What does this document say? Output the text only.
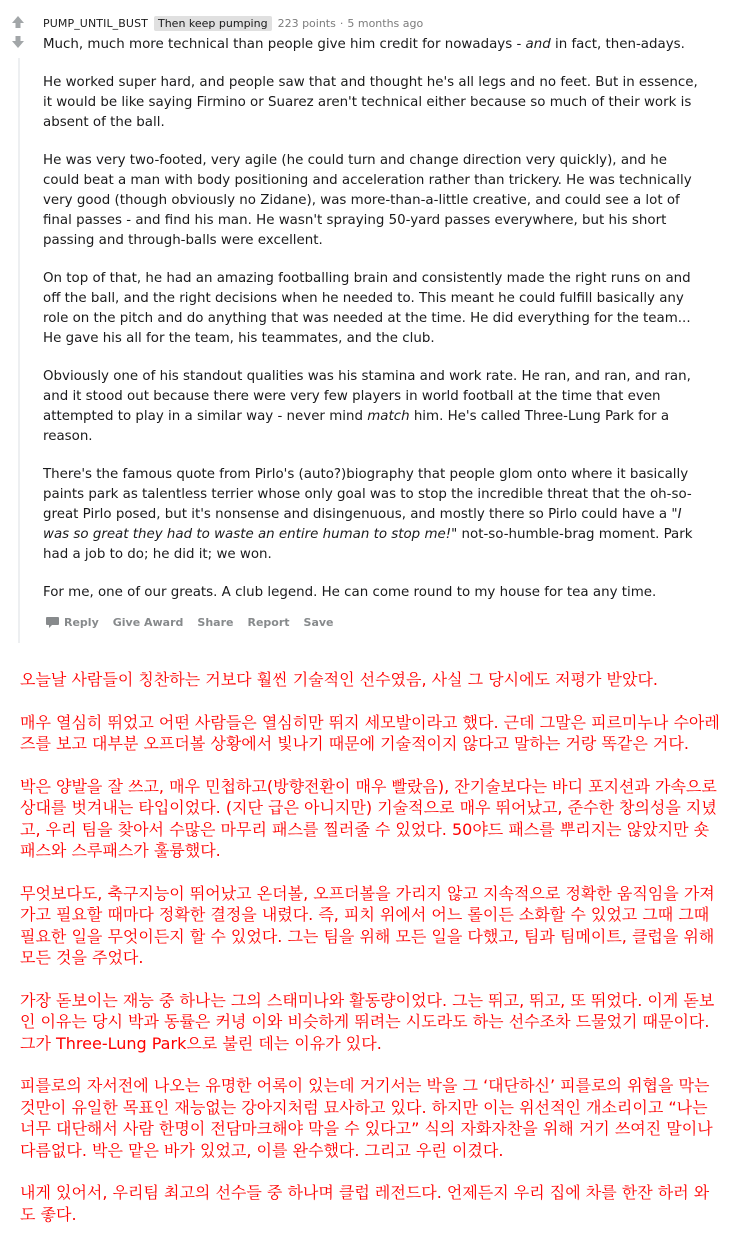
PUMP_UNTIL_BUST Then keep pumping 223 points · 5 months ago

Much, much more technical than people give him credit for nowadays - and in fact, then-adays.

He worked super hard, and people saw that and thought he's all legs and no feet. But in essence, it would be like saying Firmino or Suarez aren't technical either because so much of their work is absent of the ball.

He was very two-footed, very agile (he could turn and change direction very quickly), and he could beat a man with body positioning and acceleration rather than trickery. He was technically very good (though obviously no Zidane), was more-than-a-little creative, and could see a lot of final passes - and find his man. He wasn't spraying 50-yard passes everywhere, but his short passing and through-balls were excellent.

On top of that, he had an amazing footballing brain and consistently made the right runs on and off the ball, and the right decisions when he needed to. This meant he could fulfill basically any role on the pitch and do anything that was needed at the time. He did everything for the team... He gave his all for the team, his teammates, and the club.

Obviously one of his standout qualities was his stamina and work rate. He ran, and ran, and ran, and it stood out because there were very few players in world football at the time that even attempted to play in a similar way - never mind match him. He's called Three-Lung Park for a reason.

There's the famous quote from Pirlo's (auto?)biography that people glom onto where it basically paints park as talentless terrier whose only goal was to stop the incredible threat that the oh-so-great Pirlo posed, but it's nonsense and disingenuous, and mostly there so Pirlo could have a "I was so great they had to waste an entire human to stop me!" not-so-humble-brag moment. Park had a job to do; he did it; we won.

For me, one of our greats. A club legend. He can come round to my house for tea any time.

Reply Give Award Share Report Save

오늘날 사람들이 칭찬하는 거보다 훨씬 기술적인 선수였음, 사실 그 당시에도 저평가 받았다.

매우 열심히 뛰었고 어떤 사람들은 열심히만 뛰지 세모발이라고 했다. 근데 그말은 피르미누나 수아레즈를 보고 대부분 오프더볼 상황에서 빛나기 때문에 기술적이지 않다고 말하는 거랑 똑같은 거다.

박은 양발을 잘 쓰고, 매우 민첩하고(방향전환이 매우 빨랐음), 잔기술보다는 바디 포지션과 가속으로 상대를 벗겨내는 타입이었다. (지단 급은 아니지만) 기술적으로 매우 뛰어났고, 준수한 창의성을 지녔고, 우리 팀을 찾아서 수많은 마무리 패스를 찔러줄 수 있었다. 50야드 패스를 뿌리지는 않았지만 숏패스와 스루패스가 훌륭했다.

무엇보다도, 축구지능이 뛰어났고 온더볼, 오프더볼을 가리지 않고 지속적으로 정확한 움직임을 가져가고 필요할 때마다 정확한 결정을 내렸다. 즉, 피치 위에서 어느 롤이든 소화할 수 있었고 그때 그때 필요한 일을 무엇이든지 할 수 있었다. 그는 팀을 위해 모든 일을 다했고, 팀과 팀메이트, 클럽을 위해 모든 것을 주었다.

가장 돋보이는 재능 중 하나는 그의 스태미나와 활동량이었다. 그는 뛰고, 뛰고, 또 뛰었다. 이게 돋보인 이유는 당시 박과 동률은 커녕 이와 비슷하게 뛰려는 시도라도 하는 선수조차 드물었기 때문이다. 그가 Three-Lung Park으로 불린 데는 이유가 있다.

피를로의 자서전에 나오는 유명한 어록이 있는데 거기서는 박을 그 ‘대단하신’ 피를로의 위협을 막는 것만이 유일한 목표인 재능없는 강아지처럼 묘사하고 있다. 하지만 이는 위선적인 개소리이고 “나는 너무 대단해서 사람 한명이 전담마크해야 막을 수 있다고” 식의 자화자찬을 위해 거기 쓰여진 말이나 다름없다. 박은 맡은 바가 있었고, 이를 완수했다. 그리고 우린 이겼다.

내게 있어서, 우리팀 최고의 선수들 중 하나며 클럽 레전드다. 언제든지 우리 집에 차를 한잔 하러 와도 좋다.
